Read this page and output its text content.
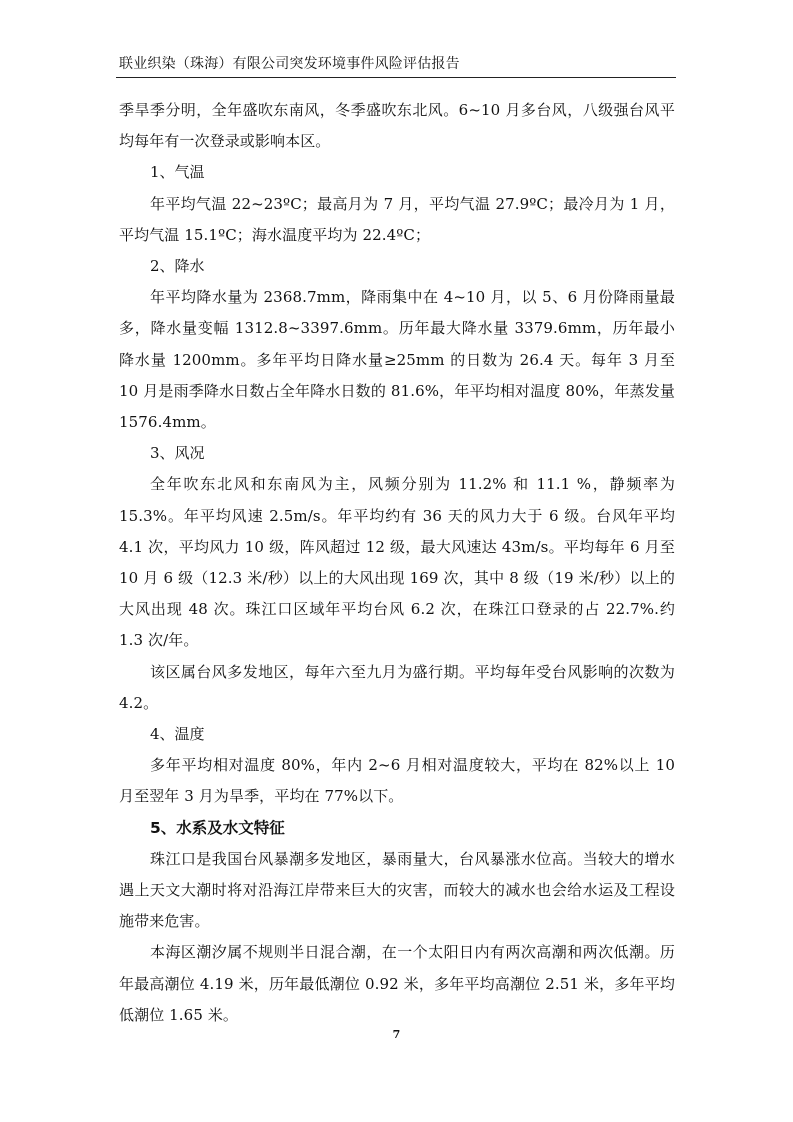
联业织染（珠海）有限公司突发环境事件风险评估报告

季旱季分明，全年盛吹东南风，冬季盛吹东北风。6~10 月多台风，八级强台风平均每年有一次登录或影响本区。

1、气温

年平均气温 22~23ºC；最高月为 7 月，平均气温 27.9ºC；最冷月为 1 月，平均气温 15.1ºC；海水温度平均为 22.4ºC；

2、降水

年平均降水量为 2368.7mm，降雨集中在 4~10 月，以 5、6 月份降雨量最多，降水量变幅 1312.8~3397.6mm。历年最大降水量 3379.6mm，历年最小降水量 1200mm。多年平均日降水量≥25mm 的日数为 26.4 天。每年 3 月至 10 月是雨季降水日数占全年降水日数的 81.6%，年平均相对温度 80%，年蒸发量 1576.4mm。

3、风况

全年吹东北风和东南风为主，风频分别为 11.2% 和 11.1 %，静频率为 15.3%。年平均风速 2.5m/s。年平均约有 36 天的风力大于 6 级。台风年平均 4.1 次，平均风力 10 级，阵风超过 12 级，最大风速达 43m/s。平均每年 6 月至 10 月 6 级（12.3 米/秒）以上的大风出现 169 次，其中 8 级（19 米/秒）以上的大风出现 48 次。珠江口区域年平均台风 6.2 次，在珠江口登录的占 22.7%.约 1.3 次/年。

该区属台风多发地区，每年六至九月为盛行期。平均每年受台风影响的次数为 4.2。

4、温度

多年平均相对温度 80%，年内 2~6 月相对温度较大，平均在 82%以上 10 月至翌年 3 月为旱季，平均在 77%以下。

5、水系及水文特征

珠江口是我国台风暴潮多发地区，暴雨量大，台风暴涨水位高。当较大的增水遇上天文大潮时将对沿海江岸带来巨大的灾害，而较大的减水也会给水运及工程设施带来危害。

本海区潮汐属不规则半日混合潮，在一个太阳日内有两次高潮和两次低潮。历年最高潮位 4.19 米，历年最低潮位 0.92 米，多年平均高潮位 2.51 米，多年平均低潮位 1.65 米。

7
